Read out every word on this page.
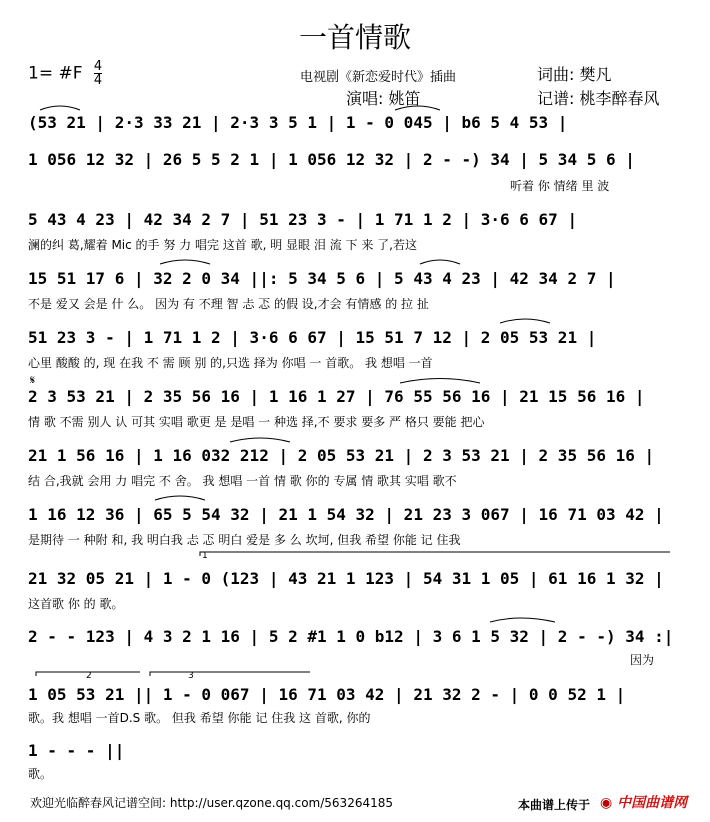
一首情歌
1= #F $\frac{4}{4}$	电视剧《新恋爱时代》插曲	词曲: 樊凡
演唱: 姚笛	记谱: 桃李醉春风
(53 21 | 2·3 33 21 | 2·3 3 5 1 | 1 - 0 045 | b6 5 4 53 |
1 056 12 32 | 26 5 5 2 1 | 1 056 12 32 | 2 - -) 34 | 5 34 5 6 |
听着 你 情绪 里 波
5 43 4 23 | 42 34 2 7 | 51 23 3 - | 1 71 1 2 | 3·6 6 67 |
澜的纠 葛,耀着 Mic 的手 努 力 唱完 这首 歌, 明 显眼 泪 流 下 来 了,若这
15 51 17 6 | 32 2 0 34 ||: 5 34 5 6 | 5 43 4 23 | 42 34 2 7 |
不是 爱又 会是 什 么。 因为 有 不理 智 忐 忑 的假 设,才会 有情感 的 拉 扯
51 23 3 - | 1 71 1 2 | 3·6 6 67 | 15 51 7 12 | 2 05 53 21 |
心里 酸酸 的, 现 在我 不 需 顾 别 的,只选 择为 你唱 一 首歌。 我 想唱 一首
2 3 53 21 | 2 35 56 16 | 1 16 1 27 | 76 55 56 16 | 21 15 56 16 |
情 歌 不需 别人 认 可其 实唱 歌更 是 是唱 一 种选 择,不 要求 要多 严 格只 要能 把心
21 1 56 16 | 1 16 032 212 | 2 05 53 21 | 2 3 53 21 | 2 35 56 16 |
结 合,我就 会用 力 唱完 不 舍。 我 想唱 一首 情 歌 你的 专属 情 歌其 实唱 歌不
1 16 12 36 | 65 5 54 32 | 21 1 54 32 | 21 23 3 067 | 16 71 03 42 |
是期待 一 种附 和, 我 明白我 忐 忑 明白 爱是 多 么 坎坷, 但我 希望 你能 记 住我
21 32 05 21 | 1 - 0 (123 | 43 21 1 123 | 54 31 1 05 | 61 16 1 32 |
这首歌 你 的 歌。
2 - - 123 | 4 3 2 1 16 | 5 2 #1 1 0 b12 | 3 6 1 5 32 | 2 - -) 34 :|
因为
1 05 53 21 || 1 - 0 067 | 16 71 03 42 | 21 32 2 - | 0 0 52 1 |
歌。我 想唱 一首D.S 歌。 但我 希望 你能 记 住我 这 首歌, 你的
1 - - - ||
歌。
1
2	3
𝄋
欢迎光临醉春风记谱空间: http://user.qzone.qq.com/563264185	本曲谱上传于 ◉ 中国曲谱网
